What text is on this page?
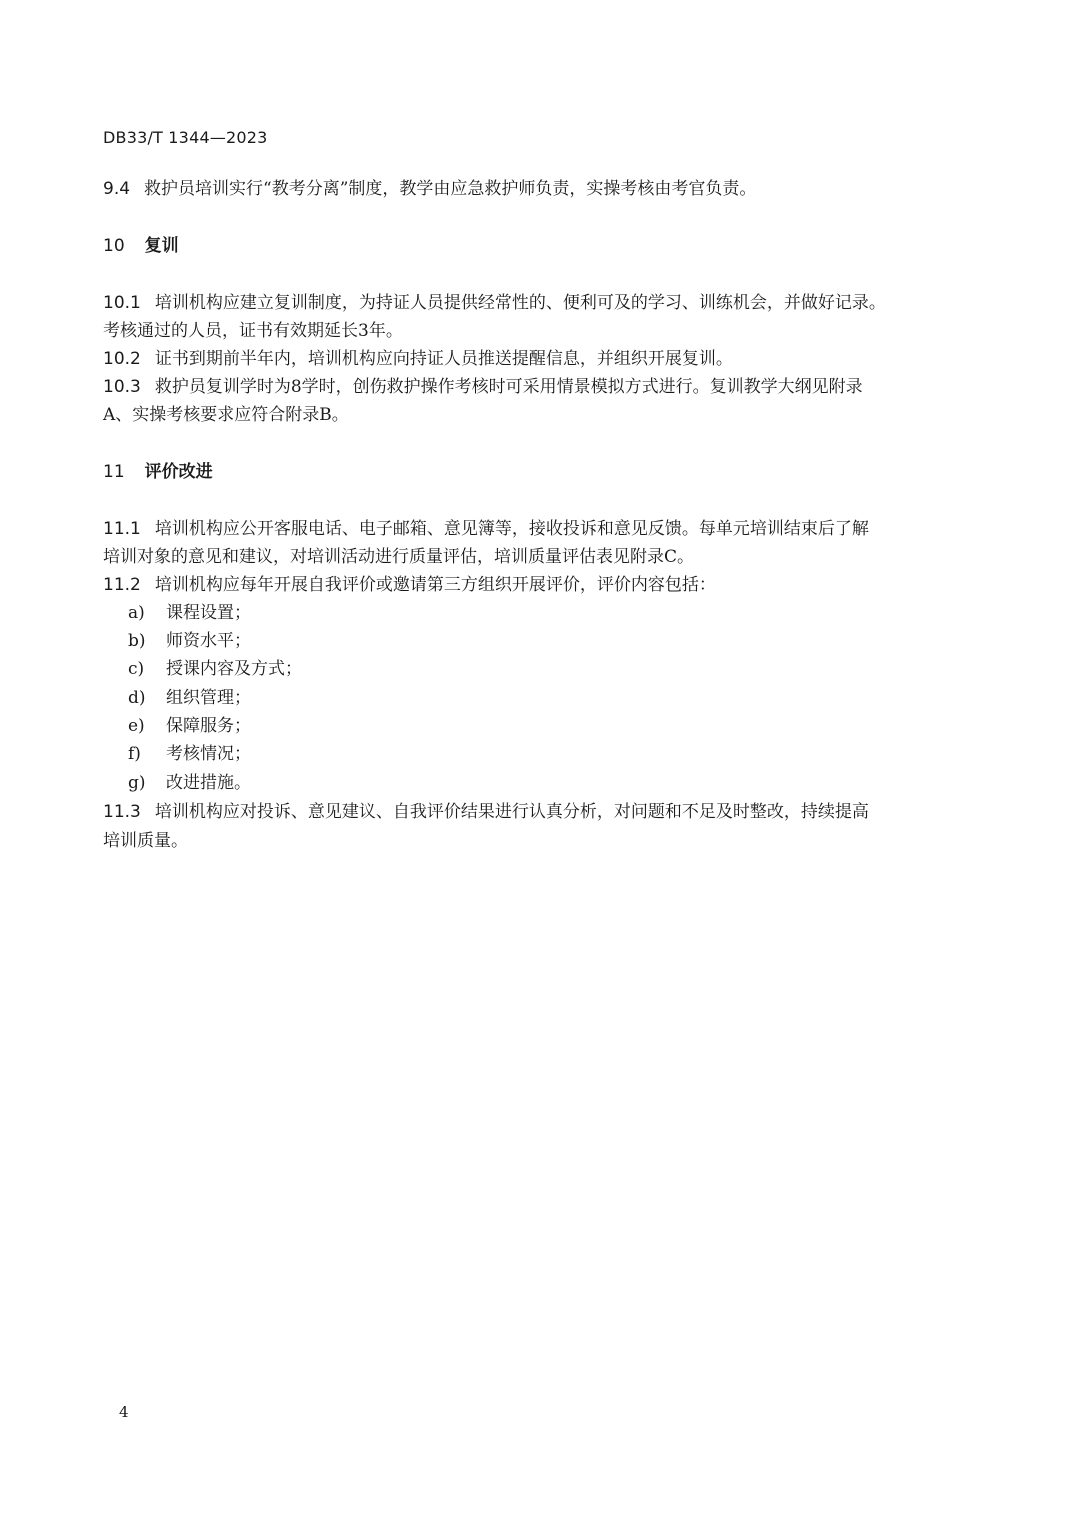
DB33/T 1344—2023
9.4 救护员培训实行“教考分离”制度，教学由应急救护师负责，实操考核由考官负责。
10 复训
10.1 培训机构应建立复训制度，为持证人员提供经常性的、便利可及的学习、训练机会，并做好记录。
考核通过的人员，证书有效期延长3年。
10.2 证书到期前半年内，培训机构应向持证人员推送提醒信息，并组织开展复训。
10.3 救护员复训学时为8学时，创伤救护操作考核时可采用情景模拟方式进行。复训教学大纲见附录
A、实操考核要求应符合附录B。
11 评价改进
11.1 培训机构应公开客服电话、电子邮箱、意见簿等，接收投诉和意见反馈。每单元培训结束后了解
培训对象的意见和建议，对培训活动进行质量评估，培训质量评估表见附录C。
11.2 培训机构应每年开展自我评价或邀请第三方组织开展评价，评价内容包括：
a) 课程设置；
b) 师资水平；
c) 授课内容及方式；
d) 组织管理；
e) 保障服务；
f) 考核情况；
g) 改进措施。
11.3 培训机构应对投诉、意见建议、自我评价结果进行认真分析，对问题和不足及时整改，持续提高
培训质量。
4
